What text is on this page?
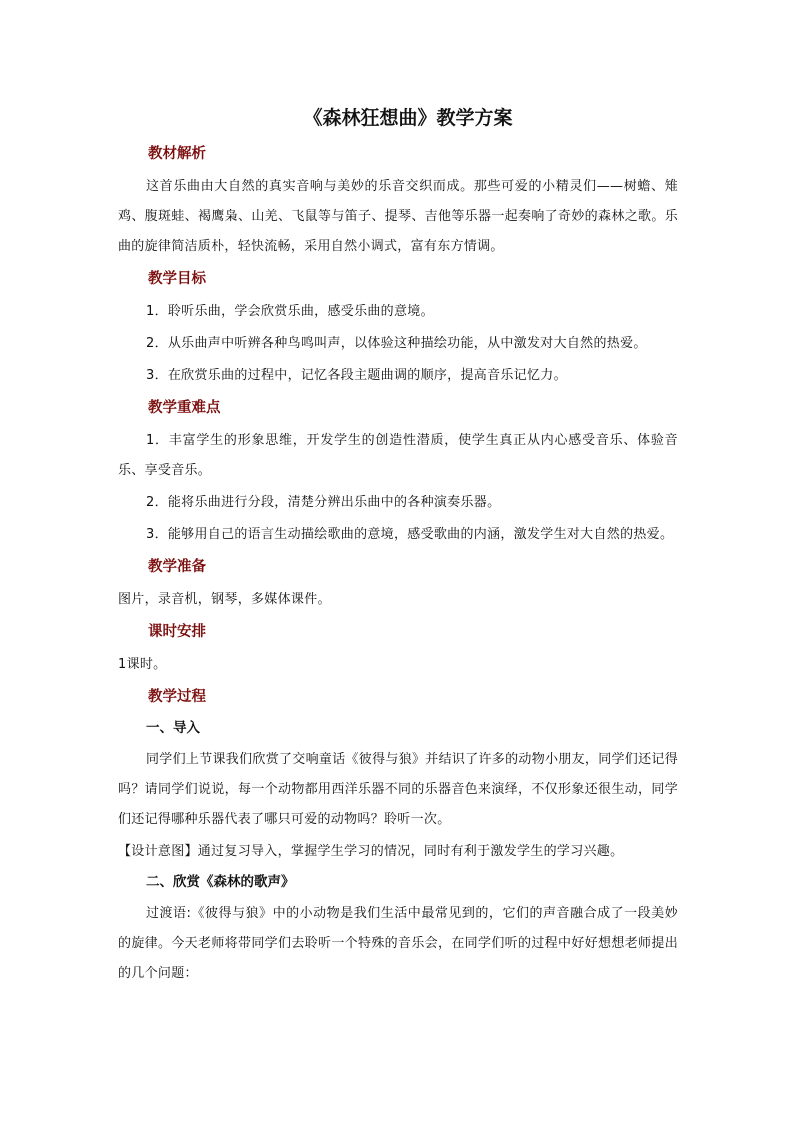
《森林狂想曲》教学方案
教材解析

这首乐曲由大自然的真实音响与美妙的乐音交织而成。那些可爱的小精灵们——树蟾、雉鸡、腹斑蛙、褐鹰枭、山羌、飞鼠等与笛子、提琴、吉他等乐器一起奏响了奇妙的森林之歌。乐曲的旋律简洁质朴，轻快流畅，采用自然小调式，富有东方情调。

教学目标

1．聆听乐曲，学会欣赏乐曲，感受乐曲的意境。

2．从乐曲声中听辨各种鸟鸣叫声，以体验这种描绘功能，从中激发对大自然的热爱。

3．在欣赏乐曲的过程中，记忆各段主题曲调的顺序，提高音乐记忆力。

教学重难点

1．丰富学生的形象思维，开发学生的创造性潜质，使学生真正从内心感受音乐、体验音乐、享受音乐。

2．能将乐曲进行分段，清楚分辨出乐曲中的各种演奏乐器。

3．能够用自己的语言生动描绘歌曲的意境，感受歌曲的内涵，激发学生对大自然的热爱。

教学准备

图片，录音机，钢琴，多媒体课件。

课时安排

1课时。

教学过程
一、导入

同学们上节课我们欣赏了交响童话《彼得与狼》并结识了许多的动物小朋友，同学们还记得吗？请同学们说说，每一个动物都用西洋乐器不同的乐器音色来演绎，不仅形象还很生动，同学们还记得哪种乐器代表了哪只可爱的动物吗？聆听一次。

【设计意图】通过复习导入，掌握学生学习的情况，同时有利于激发学生的学习兴趣。

二、欣赏《森林的歌声》

过渡语:《彼得与狼》中的小动物是我们生活中最常见到的，它们的声音融合成了一段美妙的旋律。今天老师将带同学们去聆听一个特殊的音乐会，在同学们听的过程中好好想想老师提出的几个问题：
